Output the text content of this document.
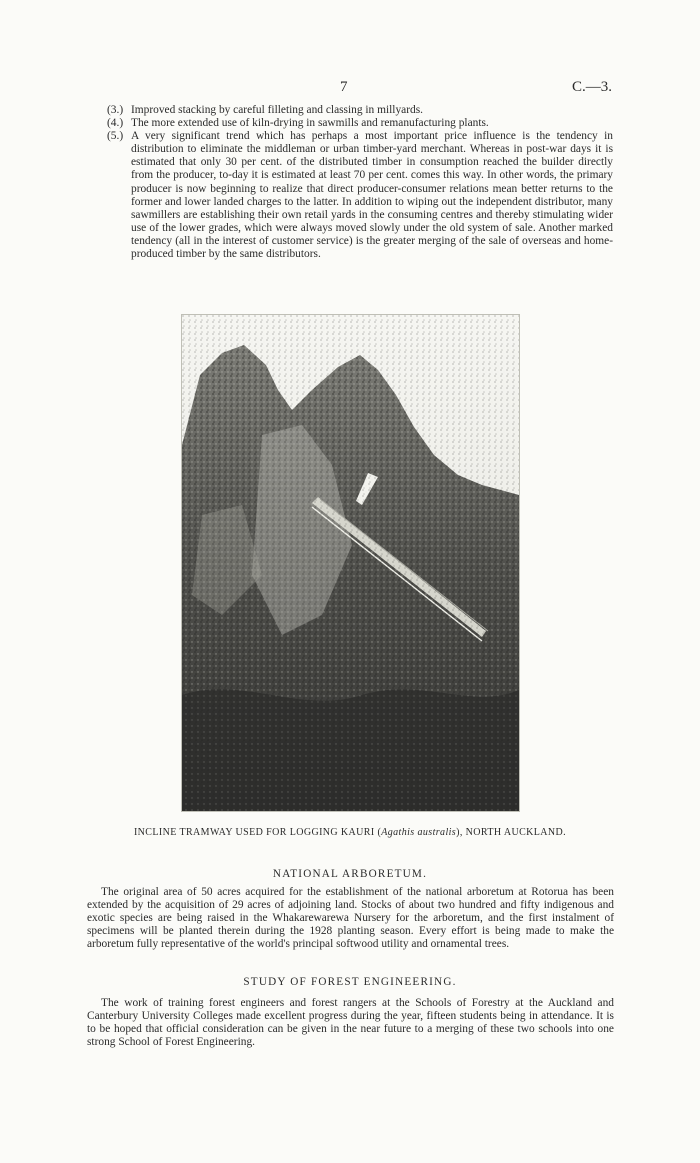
7	C.—3.

(3.) Improved stacking by careful filleting and classing in millyards.

(4.) The more extended use of kiln-drying in sawmills and remanufacturing plants.

(5.) A very significant trend which has perhaps a most important price influence is the tendency in distribution to eliminate the middleman or urban timber-yard merchant. Whereas in post-war days it is estimated that only 30 per cent. of the distributed timber in consumption reached the builder directly from the producer, to-day it is estimated at least 70 per cent. comes this way. In other words, the primary producer is now beginning to realize that direct producer-consumer relations mean better returns to the former and lower landed charges to the latter. In addition to wiping out the independent distributor, many sawmillers are establishing their own retail yards in the consuming centres and thereby stimulating wider use of the lower grades, which were always moved slowly under the old system of sale. Another marked tendency (all in the interest of customer service) is the greater merging of the sale of overseas and home-produced timber by the same distributors.

INCLINE TRAMWAY USED FOR LOGGING KAURI (Agathis australis), NORTH AUCKLAND.
NATIONAL ARBORETUM.

The original area of 50 acres acquired for the establishment of the national arboretum at Rotorua has been extended by the acquisition of 29 acres of adjoining land. Stocks of about two hundred and fifty indigenous and exotic species are being raised in the Whakarewarewa Nursery for the arboretum, and the first instalment of specimens will be planted therein during the 1928 planting season. Every effort is being made to make the arboretum fully representative of the world's principal softwood utility and ornamental trees.

STUDY OF FOREST ENGINEERING.

The work of training forest engineers and forest rangers at the Schools of Forestry at the Auckland and Canterbury University Colleges made excellent progress during the year, fifteen students being in attendance. It is to be hoped that official consideration can be given in the near future to a merging of these two schools into one strong School of Forest Engineering.
